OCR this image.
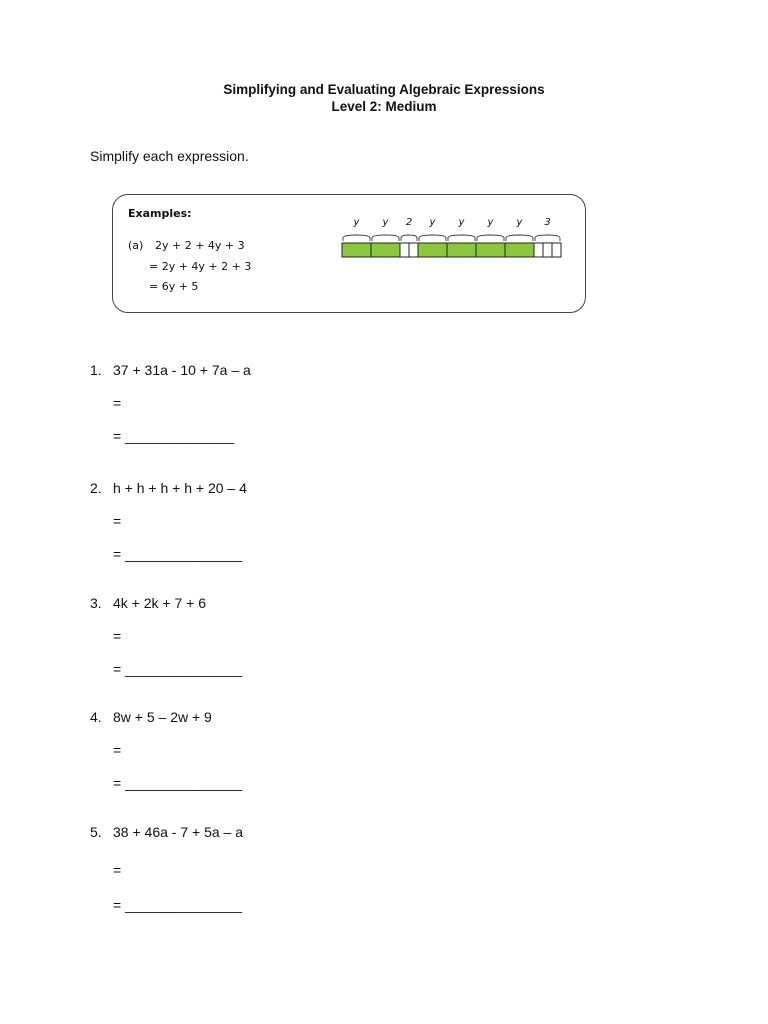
Simplifying and Evaluating Algebraic Expressions
Level 2: Medium
Simplify each expression.
Examples:
(a) 2y + 2 + 4y + 3
= 2y + 4y + 2 + 3
= 6y + 5
y y 2 y y y y 3
1. 37 + 31a - 10 + 7a – a
=
= ______________
2. h + h + h + h + 20 – 4
=
= _______________
3. 4k + 2k + 7 + 6
=
= _______________
4. 8w + 5 – 2w + 9
=
= _______________
5. 38 + 46a - 7 + 5a – a
=
= _______________
